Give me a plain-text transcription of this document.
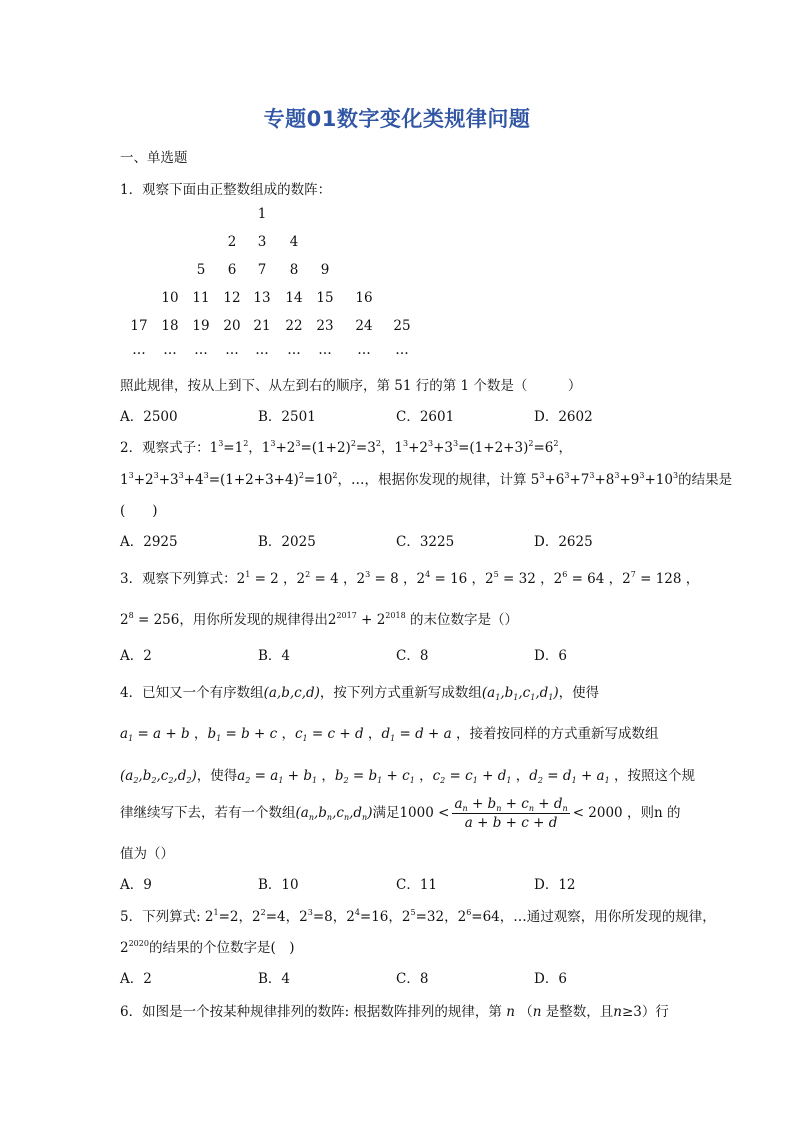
专题01数字变化类规律问题
一、单选题
1．观察下面由正整数组成的数阵：
1
2	3	4
5	6	7	8	9
10	11	12 13	14	15	16
17	18	19	20 21	22	23	24	25
…	…	…	…	…	…	…	…	…
照此规律，按从上到下、从左到右的顺序，第 51 行的第 1 个数是（　　　）
A．2500	B．2501	C．2601	D．2602
2．观察式子：$1^3=1^2$，$1^3+2^3=(1+2)^2=3^2$，$1^3+2^3+3^3=(1+2+3)^2=6^2$，
$1^3+2^3+3^3+4^3=(1+2+3+4)^2=10^2$，…，根据你发现的规律，计算 $5^3+6^3+7^3+8^3+9^3+10^3$的结果是
(　　)
A．2925	B．2025	C．3225	D．2625
3．观察下列算式：$2^1 = 2$ ，$2^2 = 4$ ，$2^3 = 8$ ，$2^4 = 16$ ，$2^5 = 32$ ，$2^6 = 64$ ，$2^7 = 128$ ，
$2^8 = 256$，用你所发现的规律得出$2^{2017} + 2^{2018}$ 的末位数字是（）
A．2	B．4	C．8	D．6
4．已知又一个有序数组(a,b,c,d)，按下列方式重新写成数组$(a_1,b_1,c_1,d_1)$，使得
$a_1 = a + b$ ，$b_1 = b + c$ ，$c_1 = c + d$ ，$d_1 = d + a$ ，接着按同样的方式重新写成数组
$(a_2,b_2,c_2,d_2)$，使得$a_2 = a_1 + b_1$ ，$b_2 = b_1 + c_1$ ，$c_2 = c_1 + d_1$ ，$d_2 = d_1 + a_1$ ，按照这个规
律继续写下去，若有一个数组$(a_n,b_n,c_n,d_n)$满足$1000 < \frac{a_n + b_n + c_n + d_n}{a + b + c + d} < 2000$ ，则n 的
值为（）
A．9	B．10	C．11	D．12
5．下列算式: $2^1=2$，$2^2=4$，$2^3=8$，$2^4=16$，$2^5=32$，$2^6=64$，…通过观察，用你所发现的规律，
$2^{2020}$的结果的个位数字是(　)
A．2	B．4	C．8	D．6
6．如图是一个按某种规律排列的数阵: 根据数阵排列的规律，第 n （n 是整数，且n≥3）行
